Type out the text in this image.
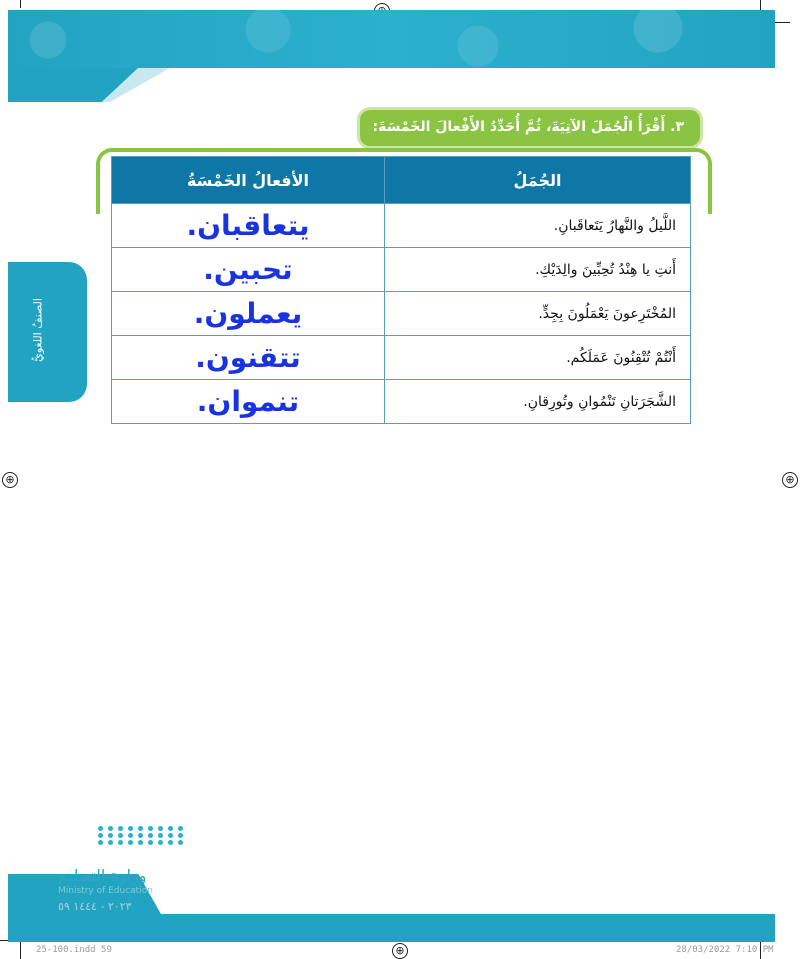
⊕	⊕
⊕
الصنفُ اللغويُّ
٣. أَقْرَأُ الْجُمَلَ الآتِيَةَ، ثُمَّ أُحَدِّدُ الأَفْعالَ الخَمْسَةَ:
الجُمَلُ	الأفعالُ الخَمْسَةُ
اللَّيلُ والنَّهارُ يَتَعاقَبانِ.	يتعاقبان.
أَنتِ يا هِنْدُ تُحِبِّينَ والِدَيْكِ.	تحبين.
المُخْتَرِعونَ يَعْمَلُونَ بِجِدٍّ.	يعملون.
أَنْتُمْ تُتْقِنُونَ عَمَلَكُم.	تتقنون.
الشَّجَرَتانِ تَنْمُوانِ وتُورِقانِ.	تنموان.
وزارة التعـليم
Ministry of Education
٢٠٢٣ - ١٤٤٤ ٥٩
25-100.indd 59	28/03/2022 7:10 PM
